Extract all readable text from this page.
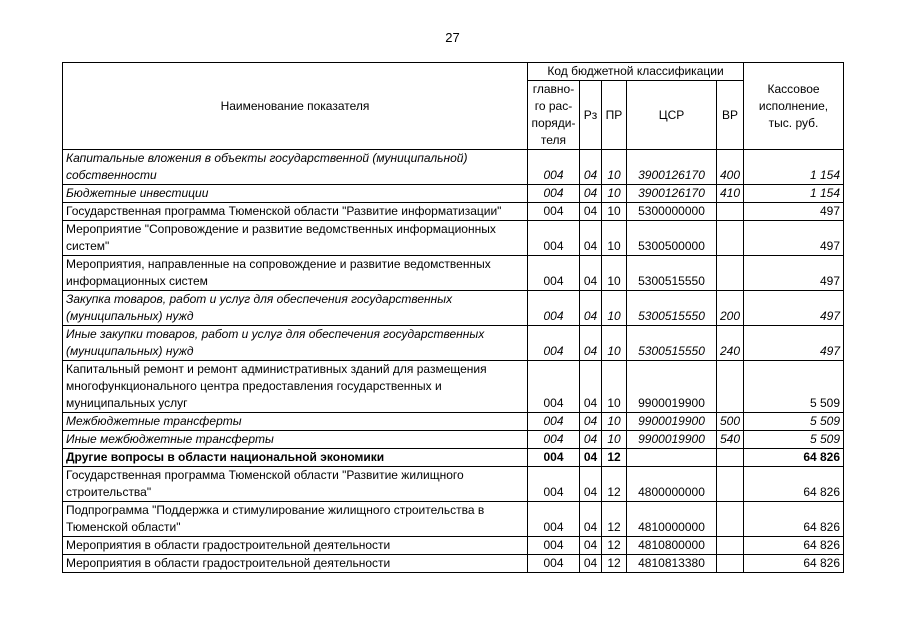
27
Наименование показателя	Код бюджетной классификации					Кассовое исполнение, тыс. руб.
	главно-го рас-поряди-теля	Рз	ПР	ЦСР	ВР	
Капитальные вложения в объекты государственной (муниципальной) собственности	004	04	10	3900126170	400	1 154
Бюджетные инвестиции	004	04	10	3900126170	410	1 154
Государственная программа Тюменской области "Развитие информатизации"	004	04	10	5300000000		497
Мероприятие "Сопровождение и развитие ведомственных информационных систем"	004	04	10	5300500000		497
Мероприятия, направленные на сопровождение и развитие ведомственных информационных систем	004	04	10	5300515550		497
Закупка товаров, работ и услуг для обеспечения государственных (муниципальных) нужд	004	04	10	5300515550	200	497
Иные закупки товаров, работ и услуг для обеспечения государственных (муниципальных) нужд	004	04	10	5300515550	240	497
Капитальный ремонт и ремонт административных зданий для размещения многофункционального центра предоставления государственных и муниципальных услуг	004	04	10	9900019900		5 509
Межбюджетные трансферты	004	04	10	9900019900	500	5 509
Иные межбюджетные трансферты	004	04	10	9900019900	540	5 509
Другие вопросы в области национальной экономики	004	04	12			64 826
Государственная программа Тюменской области "Развитие жилищного строительства"	004	04	12	4800000000		64 826
Подпрограмма "Поддержка и стимулирование жилищного строительства в Тюменской области"	004	04	12	4810000000		64 826
Мероприятия в области градостроительной деятельности	004	04	12	4810800000		64 826
Мероприятия в области градостроительной деятельности	004	04	12	4810813380		64 826
